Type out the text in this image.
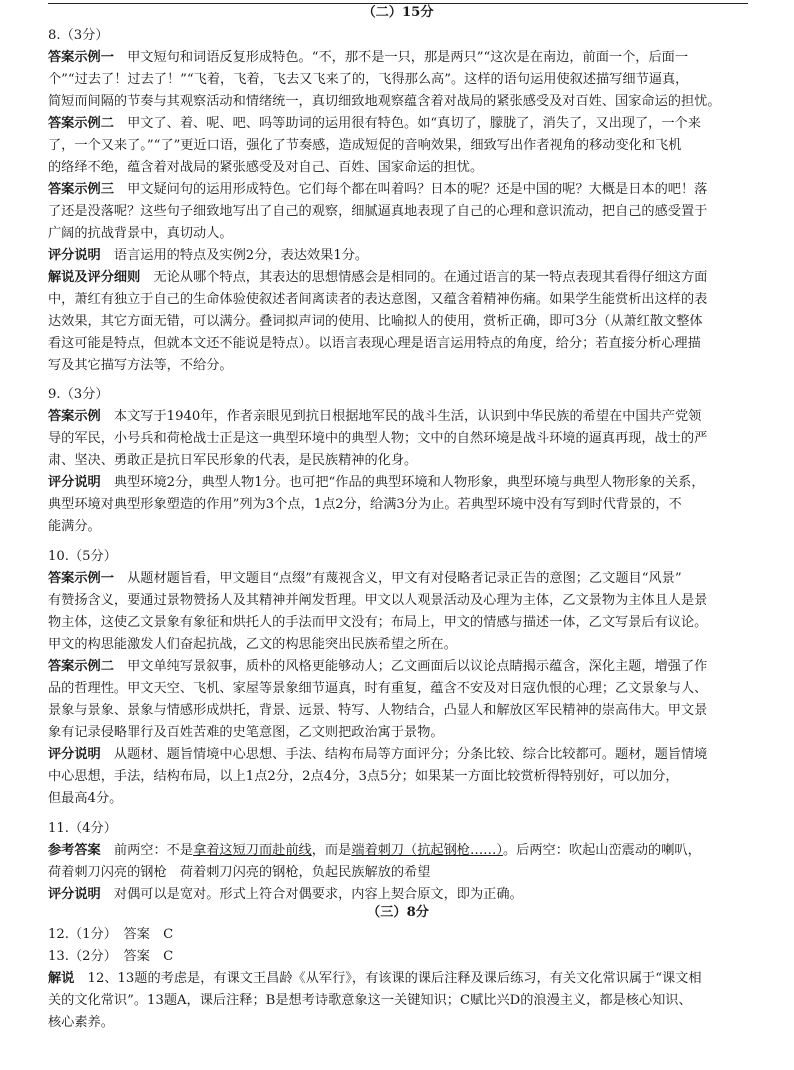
（二）15分
8.（3分）
答案示例一　甲文短句和词语反复形成特色。“不，那不是一只，那是两只”“这次是在南边，前面一个，后面一
个”“过去了！过去了！”“飞着，飞着，飞去又飞来了的，飞得那么高”。这样的语句运用使叙述描写细节逼真，
简短而间隔的节奏与其观察活动和情绪统一，真切细致地观察蕴含着对战局的紧张感受及对百姓、国家命运的担忧。
答案示例二　甲文了、着、呢、吧、吗等助词的运用很有特色。如“真切了，朦胧了，消失了，又出现了，一个来
了，一个又来了。”“了”更近口语，强化了节奏感，造成短促的音响效果，细致写出作者视角的移动变化和飞机
的络绎不绝，蕴含着对战局的紧张感受及对自己、百姓、国家命运的担忧。
答案示例三　甲文疑问句的运用形成特色。它们每个都在叫着吗？日本的呢？还是中国的呢？大概是日本的吧！落
了还是没落呢？这些句子细致地写出了自己的观察，细腻逼真地表现了自己的心理和意识流动，把自己的感受置于
广阔的抗战背景中，真切动人。
评分说明　语言运用的特点及实例2分，表达效果1分。
解说及评分细则　无论从哪个特点，其表达的思想情感会是相同的。在通过语言的某一特点表现其看得仔细这方面
中，萧红有独立于自己的生命体验使叙述者间离读者的表达意图，又蕴含着精神伤痛。如果学生能赏析出这样的表
达效果，其它方面无错，可以满分。叠词拟声词的使用、比喻拟人的使用，赏析正确，即可3分（从萧红散文整体
看这可能是特点，但就本文还不能说是特点）。以语言表现心理是语言运用特点的角度，给分；若直接分析心理描
写及其它描写方法等，不给分。
9.（3分）
答案示例　本文写于1940年，作者亲眼见到抗日根据地军民的战斗生活，认识到中华民族的希望在中国共产党领
导的军民，小号兵和荷枪战士正是这一典型环境中的典型人物；文中的自然环境是战斗环境的逼真再现，战士的严
肃、坚决、勇敢正是抗日军民形象的代表，是民族精神的化身。
评分说明　典型环境2分，典型人物1分。也可把“作品的典型环境和人物形象，典型环境与典型人物形象的关系，
典型环境对典型形象塑造的作用”列为3个点，1点2分，给满3分为止。若典型环境中没有写到时代背景的，不
能满分。
10.（5分）
答案示例一　从题材题旨看，甲文题目“点缀”有蔑视含义，甲文有对侵略者记录正告的意图；乙文题目“风景”
有赞扬含义，要通过景物赞扬人及其精神并阐发哲理。甲文以人观景活动及心理为主体，乙文景物为主体且人是景
物主体，这使乙文景象有象征和烘托人的手法而甲文没有；布局上，甲文的情感与描述一体，乙文写景后有议论。
甲文的构思能激发人们奋起抗战，乙文的构思能突出民族希望之所在。
答案示例二　甲文单纯写景叙事，质朴的风格更能够动人；乙文画面后以议论点睛揭示蕴含，深化主题，增强了作
品的哲理性。甲文天空、飞机、家屋等景象细节逼真，时有重复，蕴含不安及对日寇仇恨的心理；乙文景象与人、
景象与景象、景象与情感形成烘托，背景、远景、特写、人物结合，凸显人和解放区军民精神的崇高伟大。甲文景
象有记录侵略罪行及百姓苦难的史笔意图，乙文则把政治寓于景物。
评分说明　从题材、题旨情境中心思想、手法、结构布局等方面评分；分条比较、综合比较都可。题材，题旨情境
中心思想，手法，结构布局，以上1点2分，2点4分，3点5分；如果某一方面比较赏析得特别好，可以加分，
但最高4分。
11.（4分）
参考答案　前两空：不是拿着这短刀而赴前线，而是端着刺刀（抗起钢枪……）。后两空：吹起山峦震动的喇叭，
荷着刺刀闪亮的钢枪　荷着刺刀闪亮的钢枪，负起民族解放的希望
评分说明　对偶可以是宽对。形式上符合对偶要求，内容上契合原文，即为正确。
12.（1分）　答案　C
13.（2分）　答案　C
解说　12、13题的考虑是，有课文王昌龄《从军行》，有该课的课后注释及课后练习，有关文化常识属于“课文相
关的文化常识”。13题A，课后注释；B是想考诗歌意象这一关键知识；C赋比兴D的浪漫主义，都是核心知识、
核心素养。
（三）8分
